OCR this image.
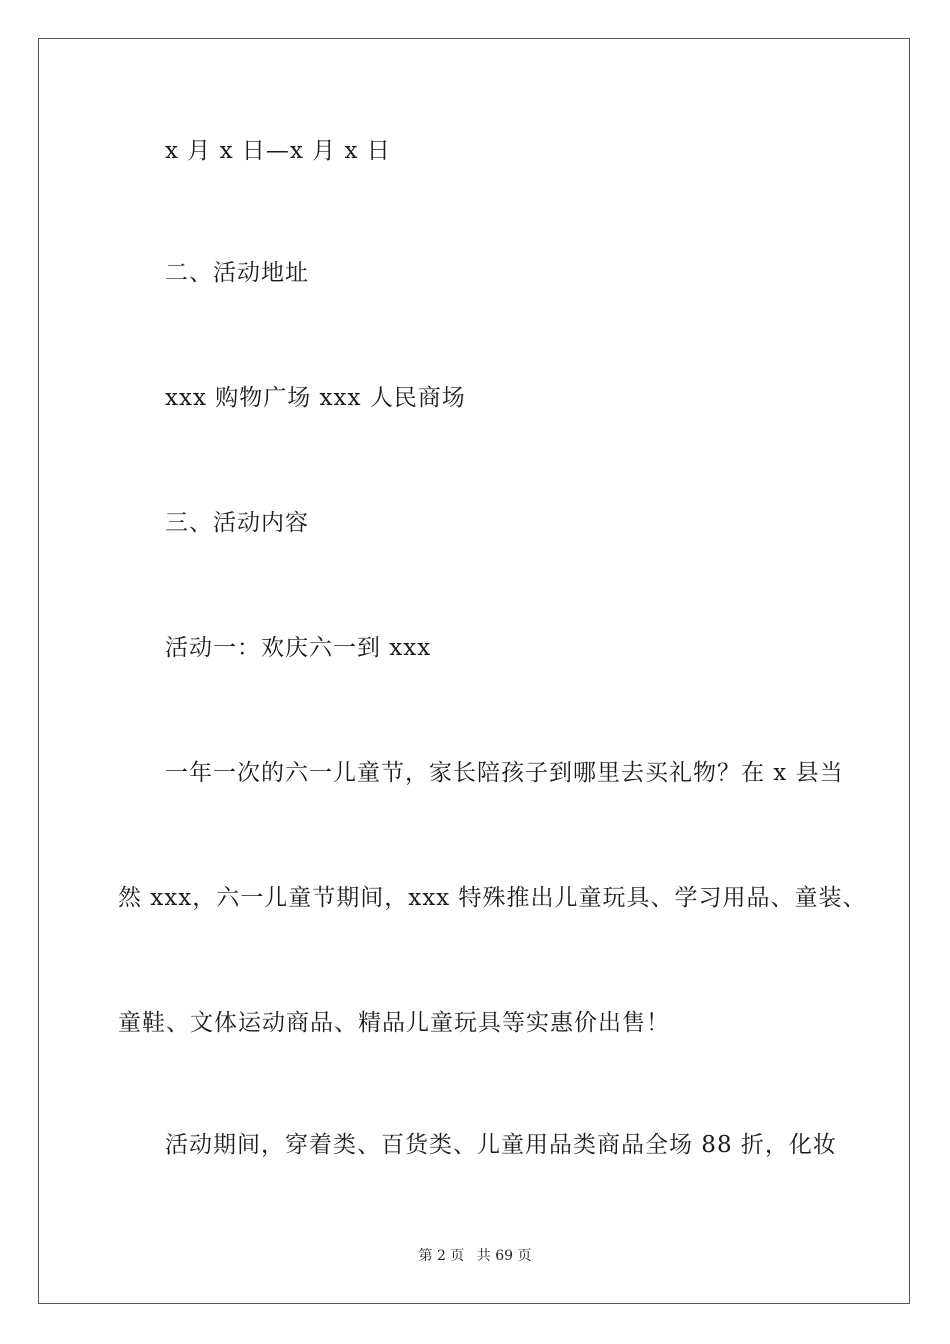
x 月 x 日—x 月 x 日
二、活动地址
xxx 购物广场 xxx 人民商场
三、活动内容
活动一：欢庆六一到 xxx
一年一次的六一儿童节，家长陪孩子到哪里去买礼物？在 x 县当
然 xxx，六一儿童节期间，xxx 特殊推出儿童玩具、学习用品、童装、
童鞋、文体运动商品、精品儿童玩具等实惠价出售！
活动期间，穿着类、百货类、儿童用品类商品全场 88 折，化妆
第 2 页 共 69 页
